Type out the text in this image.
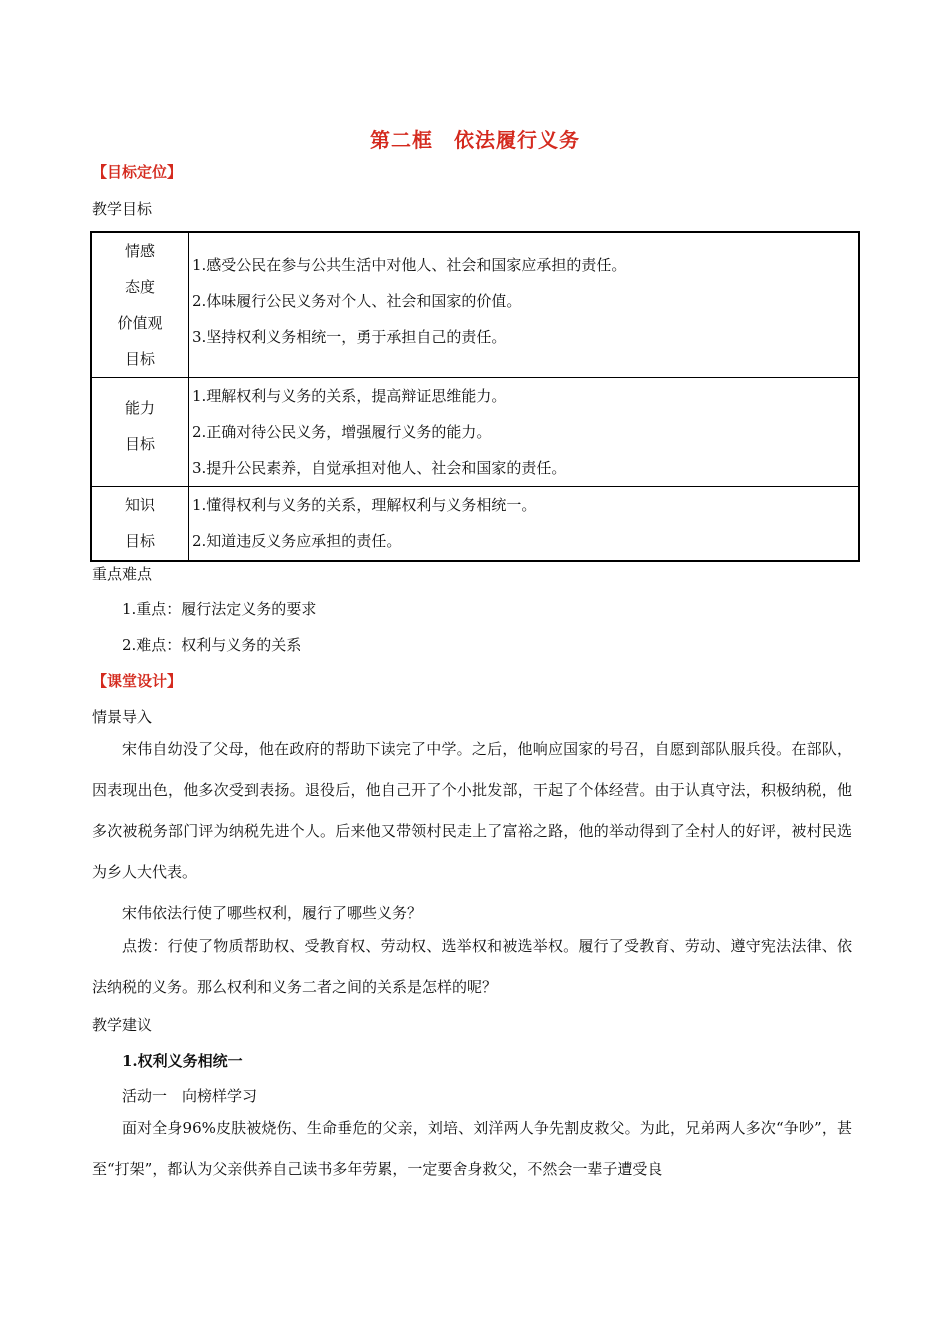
第二框　依法履行义务
【目标定位】
教学目标
情感
态度
价值观
目标	1.感受公民在参与公共生活中对他人、社会和国家应承担的责任。
2.体味履行公民义务对个人、社会和国家的价值。
3.坚持权利义务相统一，勇于承担自己的责任。

能力
目标	1.理解权利与义务的关系，提高辩证思维能力。
2.正确对待公民义务，增强履行义务的能力。
3.提升公民素养，自觉承担对他人、社会和国家的责任。

知识
目标	1.懂得权利与义务的关系，理解权利与义务相统一。
2.知道违反义务应承担的责任。
重点难点
1.重点：履行法定义务的要求
2.难点：权利与义务的关系
【课堂设计】
情景导入
宋伟自幼没了父母，他在政府的帮助下读完了中学。之后，他响应国家的号召，自愿到部队服兵役。在部队，因表现出色，他多次受到表扬。退役后，他自己开了个小批发部，干起了个体经营。由于认真守法，积极纳税，他多次被税务部门评为纳税先进个人。后来他又带领村民走上了富裕之路，他的举动得到了全村人的好评，被村民选为乡人大代表。
宋伟依法行使了哪些权利，履行了哪些义务？
点拨：行使了物质帮助权、受教育权、劳动权、选举权和被选举权。履行了受教育、劳动、遵守宪法法律、依法纳税的义务。那么权利和义务二者之间的关系是怎样的呢？
教学建议
1.权利义务相统一
活动一　向榜样学习
面对全身96%皮肤被烧伤、生命垂危的父亲，刘培、刘洋两人争先割皮救父。为此，兄弟两人多次“争吵”，甚至“打架”，都认为父亲供养自己读书多年劳累，一定要舍身救父，不然会一辈子遭受良
